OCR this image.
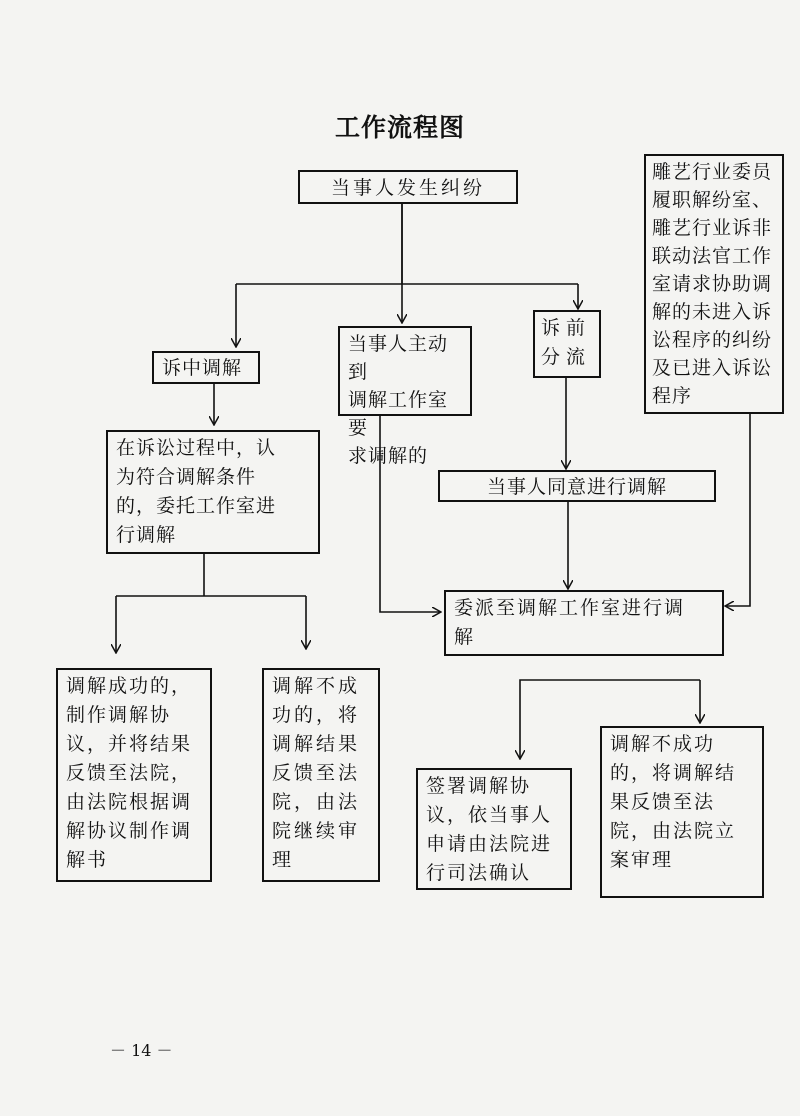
工作流程图
当事人发生纠纷
诉中调解
当事人主动到
调解工作室要
求调解的
诉 前
分 流
雕艺行业委员
履职解纷室、
雕艺行业诉非
联动法官工作
室请求协助调
解的未进入诉
讼程序的纠纷
及已进入诉讼
程序
在诉讼过程中，认
为符合调解条件
的，委托工作室进
行调解
当事人同意进行调解
委派至调解工作室进行调
解
调解成功的，
制作调解协
议，并将结果
反馈至法院，
由法院根据调
解协议制作调
解书
调解不成
功的，将
调解结果
反馈至法
院，由法
院继续审
理
签署调解协
议，依当事人
申请由法院进
行司法确认
调解不成功
的，将调解结
果反馈至法
院，由法院立
案审理
－ 14 －
